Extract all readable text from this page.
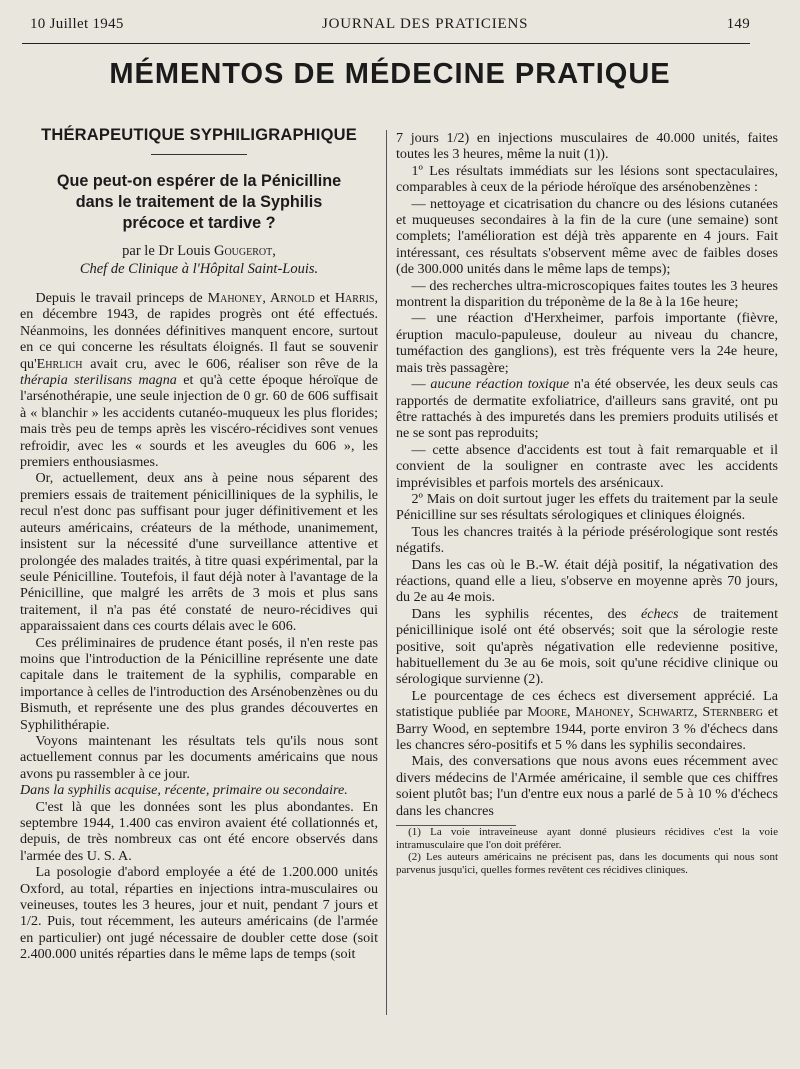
10 Juillet 1945	JOURNAL DES PRATICIENS	149
MÉMENTOS DE MÉDECINE PRATIQUE
THÉRAPEUTIQUE SYPHILIGRAPHIQUE
Que peut-on espérer de la Pénicilline
dans le traitement de la Syphilis
précoce et tardive ?
par le Dr Louis Gougerot,
Chef de Clinique à l'Hôpital Saint-Louis.

Depuis le travail princeps de Mahoney, Arnold et Harris, en décembre 1943, de rapides progrès ont été effectués. Néanmoins, les données définitives manquent encore, surtout en ce qui concerne les résultats éloignés. Il faut se souvenir qu'Ehrlich avait cru, avec le 606, réaliser son rêve de la thérapia sterilisans magna et qu'à cette époque héroïque de l'arsénothérapie, une seule injection de 0 gr. 60 de 606 suffisait à « blanchir » les accidents cutanéo-muqueux les plus florides; mais très peu de temps après les viscéro-récidives sont venues refroidir, avec les « sourds et les aveugles du 606 », les premiers enthousiasmes.

Or, actuellement, deux ans à peine nous séparent des premiers essais de traitement pénicilliniques de la syphilis, le recul n'est donc pas suffisant pour juger définitivement et les auteurs américains, créateurs de la méthode, unanimement, insistent sur la nécessité d'une surveillance attentive et prolongée des malades traités, à titre quasi expérimental, par la seule Pénicilline. Toutefois, il faut déjà noter à l'avantage de la Pénicilline, que malgré les arrêts de 3 mois et plus sans traitement, il n'a pas été constaté de neuro-récidives qui apparaissaient dans ces courts délais avec le 606.

Ces préliminaires de prudence étant posés, il n'en reste pas moins que l'introduction de la Pénicilline représente une date capitale dans le traitement de la syphilis, comparable en importance à celles de l'introduction des Arsénobenzènes ou du Bismuth, et représente une des plus grandes découvertes en Syphilithérapie.

Voyons maintenant les résultats tels qu'ils nous sont actuellement connus par les documents américains que nous avons pu rassembler à ce jour.

Dans la syphilis acquise, récente, primaire ou secondaire.

C'est là que les données sont les plus abondantes. En septembre 1944, 1.400 cas environ avaient été collationnés et, depuis, de très nombreux cas ont été encore observés dans l'armée des U. S. A.

La posologie d'abord employée a été de 1.200.000 unités Oxford, au total, réparties en injections intra-musculaires ou veineuses, toutes les 3 heures, jour et nuit, pendant 7 jours et 1/2. Puis, tout récemment, les auteurs américains (de l'armée en particulier) ont jugé nécessaire de doubler cette dose (soit 2.400.000 unités réparties dans le même laps de temps (soit

7 jours 1/2) en injections musculaires de 40.000 unités, faites toutes les 3 heures, même la nuit (1)).

1º Les résultats immédiats sur les lésions sont spectaculaires, comparables à ceux de la période héroïque des arsénobenzènes :

— nettoyage et cicatrisation du chancre ou des lésions cutanées et muqueuses secondaires à la fin de la cure (une semaine) sont complets; l'amélioration est déjà très apparente en 4 jours. Fait intéressant, ces résultats s'observent même avec de faibles doses (de 300.000 unités dans le même laps de temps);

— des recherches ultra-microscopiques faites toutes les 3 heures montrent la disparition du tréponème de la 8e à la 16e heure;

— une réaction d'Herxheimer, parfois importante (fièvre, éruption maculo-papuleuse, douleur au niveau du chancre, tuméfaction des ganglions), est très fréquente vers la 24e heure, mais très passagère;

— aucune réaction toxique n'a été observée, les deux seuls cas rapportés de dermatite exfoliatrice, d'ailleurs sans gravité, ont pu être rattachés à des impuretés dans les premiers produits utilisés et ne se sont pas reproduits;

— cette absence d'accidents est tout à fait remarquable et il convient de la souligner en contraste avec les accidents imprévisibles et parfois mortels des arsénicaux.

2º Mais on doit surtout juger les effets du traitement par la seule Pénicilline sur ses résultats sérologiques et cliniques éloignés.

Tous les chancres traités à la période présérologique sont restés négatifs.

Dans les cas où le B.-W. était déjà positif, la négativation des réactions, quand elle a lieu, s'observe en moyenne après 70 jours, du 2e au 4e mois.

Dans les syphilis récentes, des échecs de traitement pénicillinique isolé ont été observés; soit que la sérologie reste positive, soit qu'après négativation elle redevienne positive, habituellement du 3e au 6e mois, soit qu'une récidive clinique ou sérologique survienne (2).

Le pourcentage de ces échecs est diversement apprécié. La statistique publiée par Moore, Mahoney, Schwartz, Sternberg et Barry Wood, en septembre 1944, porte environ 3 % d'échecs dans les chancres séro-positifs et 5 % dans les syphilis secondaires.

Mais, des conversations que nous avons eues récemment avec divers médecins de l'Armée américaine, il semble que ces chiffres soient plutôt bas; l'un d'entre eux nous a parlé de 5 à 10 % d'échecs dans les chancres

(1) La voie intraveineuse ayant donné plusieurs récidives c'est la voie intramusculaire que l'on doit préférer.

(2) Les auteurs américains ne précisent pas, dans les documents qui nous sont parvenus jusqu'ici, quelles formes revêtent ces récidives cliniques.
